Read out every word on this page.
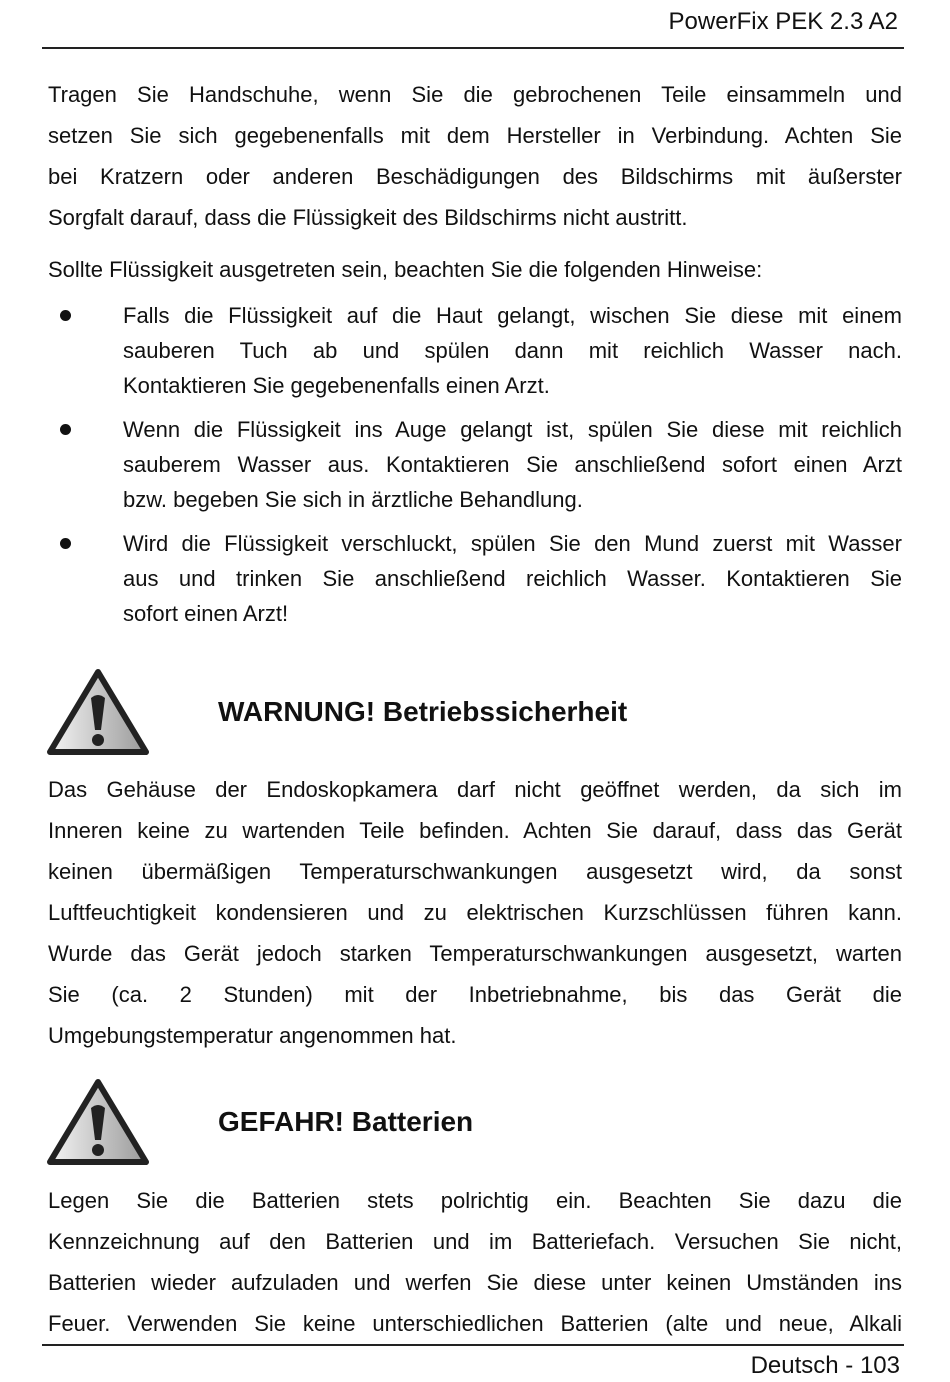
PowerFix PEK 2.3 A2
Tragen Sie Handschuhe, wenn Sie die gebrochenen Teile einsammeln und
setzen Sie sich gegebenenfalls mit dem Hersteller in Verbindung. Achten Sie
bei Kratzern oder anderen Beschädigungen des Bildschirms mit äußerster
Sorgfalt darauf, dass die Flüssigkeit des Bildschirms nicht austritt.
Sollte Flüssigkeit ausgetreten sein, beachten Sie die folgenden Hinweise:
Falls die Flüssigkeit auf die Haut gelangt, wischen Sie diese mit einem
sauberen Tuch ab und spülen dann mit reichlich Wasser nach.
Kontaktieren Sie gegebenenfalls einen Arzt.
Wenn die Flüssigkeit ins Auge gelangt ist, spülen Sie diese mit reichlich
sauberem Wasser aus. Kontaktieren Sie anschließend sofort einen Arzt
bzw. begeben Sie sich in ärztliche Behandlung.
Wird die Flüssigkeit verschluckt, spülen Sie den Mund zuerst mit Wasser
aus und trinken Sie anschließend reichlich Wasser. Kontaktieren Sie
sofort einen Arzt!
WARNUNG! Betriebssicherheit
Das Gehäuse der Endoskopkamera darf nicht geöffnet werden, da sich im
Inneren keine zu wartenden Teile befinden. Achten Sie darauf, dass das Gerät
keinen übermäßigen Temperaturschwankungen ausgesetzt wird, da sonst
Luftfeuchtigkeit kondensieren und zu elektrischen Kurzschlüssen führen kann.
Wurde das Gerät jedoch starken Temperaturschwankungen ausgesetzt, warten
Sie (ca. 2 Stunden) mit der Inbetriebnahme, bis das Gerät die
Umgebungstemperatur angenommen hat.
GEFAHR! Batterien
Legen Sie die Batterien stets polrichtig ein. Beachten Sie dazu die
Kennzeichnung auf den Batterien und im Batteriefach. Versuchen Sie nicht,
Batterien wieder aufzuladen und werfen Sie diese unter keinen Umständen ins
Feuer. Verwenden Sie keine unterschiedlichen Batterien (alte und neue, Alkali
Deutsch - 103
